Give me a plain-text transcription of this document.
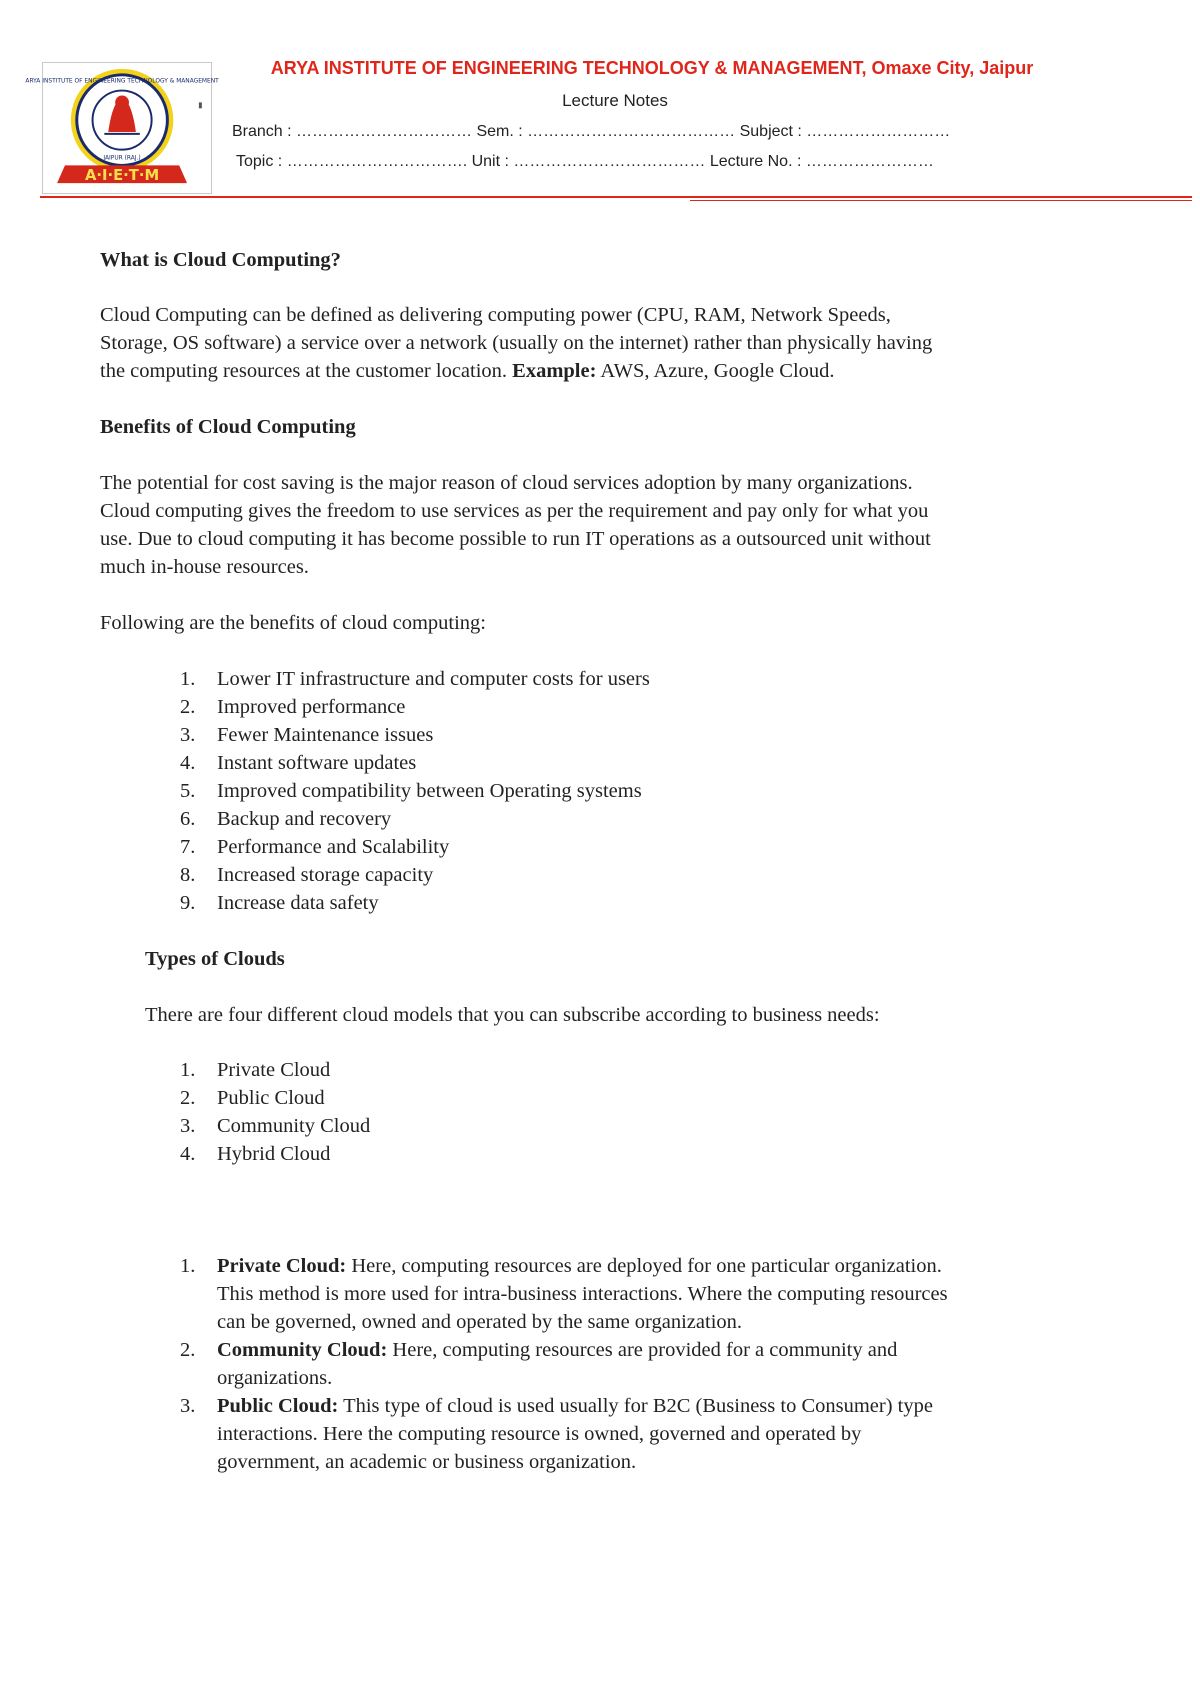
ARYA INSTITUTE OF ENGINEERING TECHNOLOGY & MANAGEMENT
JAIPUR (RAJ.)
A·I·E·T·M
ARYA INSTITUTE OF ENGINEERING TECHNOLOGY & MANAGEMENT, Omaxe City, Jaipur
Lecture Notes
Branch : …………………………… Sem. : ………………………………… Subject : ………………………
Topic : ……………………………. Unit : ……………………………… Lecture No. : ……………………
What is Cloud Computing?
Cloud Computing can be defined as delivering computing power (CPU, RAM, Network Speeds,
Storage, OS software) a service over a network (usually on the internet) rather than physically having
the computing resources at the customer location. Example: AWS, Azure, Google Cloud.
Benefits of Cloud Computing
The potential for cost saving is the major reason of cloud services adoption by many organizations.
Cloud computing gives the freedom to use services as per the requirement and pay only for what you
use. Due to cloud computing it has become possible to run IT operations as a outsourced unit without
much in-house resources.
Following are the benefits of cloud computing:
1.	Lower IT infrastructure and computer costs for users
2.	Improved performance
3.	Fewer Maintenance issues
4.	Instant software updates
5.	Improved compatibility between Operating systems
6.	Backup and recovery
7.	Performance and Scalability
8.	Increased storage capacity
9.	Increase data safety
Types of Clouds
There are four different cloud models that you can subscribe according to business needs:
1.	Private Cloud
2.	Public Cloud
3.	Community Cloud
4.	Hybrid Cloud
1.	Private Cloud: Here, computing resources are deployed for one particular organization.
This method is more used for intra-business interactions. Where the computing resources
can be governed, owned and operated by the same organization.
2.	Community Cloud: Here, computing resources are provided for a community and
organizations.
3.	Public Cloud: This type of cloud is used usually for B2C (Business to Consumer) type
interactions. Here the computing resource is owned, governed and operated by
government, an academic or business organization.
